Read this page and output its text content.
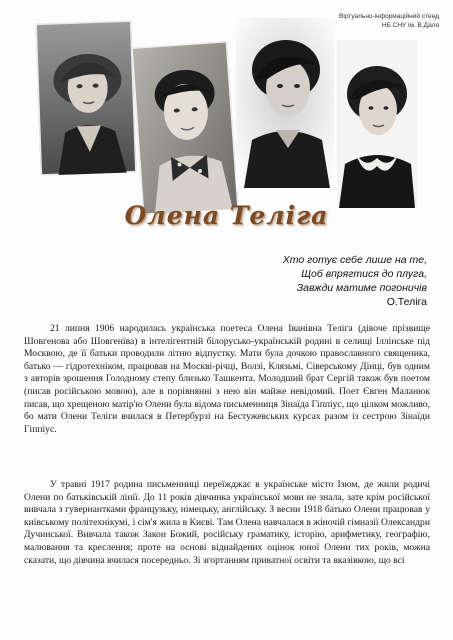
Віртуально-інформаційний стенд
НБ СНУ ім. В.Даля
Олена Теліга
Хто готує себе лише на те,
Щоб впрягтися до плуга,
Завжди матиме погоничів
О.Теліга

21 липня 1906 народилась українська поетеса Олена Іванівна Теліга (дівоче прізвище Шовгенова або Шовгенїва) в інтелігентній білорусько-українській родині в селищі Іллінське під Москвою, де її батьки проводили літню відпустку. Мати була дочкою православного священика, батько — гідротехніком, працював на Москві-річці, Волзі, Клязьмі, Сіверському Дінці, був одним з авторів зрошення Голодному степу близько Ташкента. Молодший брат Сергій також був поетом (писав російською мовою), але в порівнянні з нею він майже невідомий. Поет Євген Маланюк писав, що хрещеною матір'ю Олени була відома письменниця Зінаїда Гіппіус, що цілком можливо, бо мати Олени Теліги вчилася в Петербурзі на Бестужевських курсах разом із сестрою Зінаїди Гіппіус.

У травні 1917 родина письменниці переїжджає в українське місто Ізюм, де жили родичі Олени по батьківській лінії. До 11 років дівчинка української мови не знала, зате крім російської вивчала з гувернантками французьку, німецьку, англійську. З весни 1918 батько Олени працював у київському політехнікумі, і сім'я жила в Києві. Там Олена навчалася в жіночій гімназії Олександри Дучинської. Вивчала також Закон Божий, російську граматику, історію, арифметику, географію, малювання та креслення; проте на основі віднайдених оцінок юної Олени тих років, можна сказати, що дівчина вчилася посередньо. Зі згортанням приватної освіти та вказівкою, що всі
